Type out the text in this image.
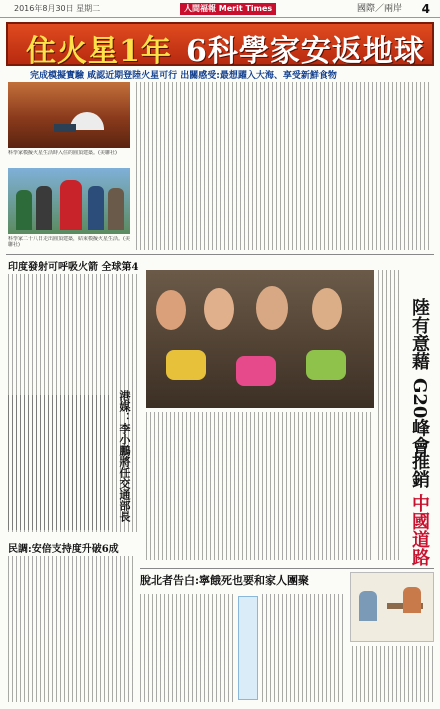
2016年8月30日 星期二	人間福報 Merit Times	國際／兩岸 4
住火星1年 6科學家安返地球
完成模擬實驗 咸認近期登陸火星可行 出關感受:最想躍入大海、享受新鮮食物
科學家模擬火星生活時入住的圓頂建築。(美聯社)
科學家二十八日走出圓頂建築，結束模擬火星生活。(美聯社)
印度發射可呼吸火箭 全球第4
港媒：李小鵬將任交通部長
陸有意藉
G20峰會
推銷
中國道路
民調:安倍支持度升破6成
脫北者告白:寧餓死也要和家人團聚
